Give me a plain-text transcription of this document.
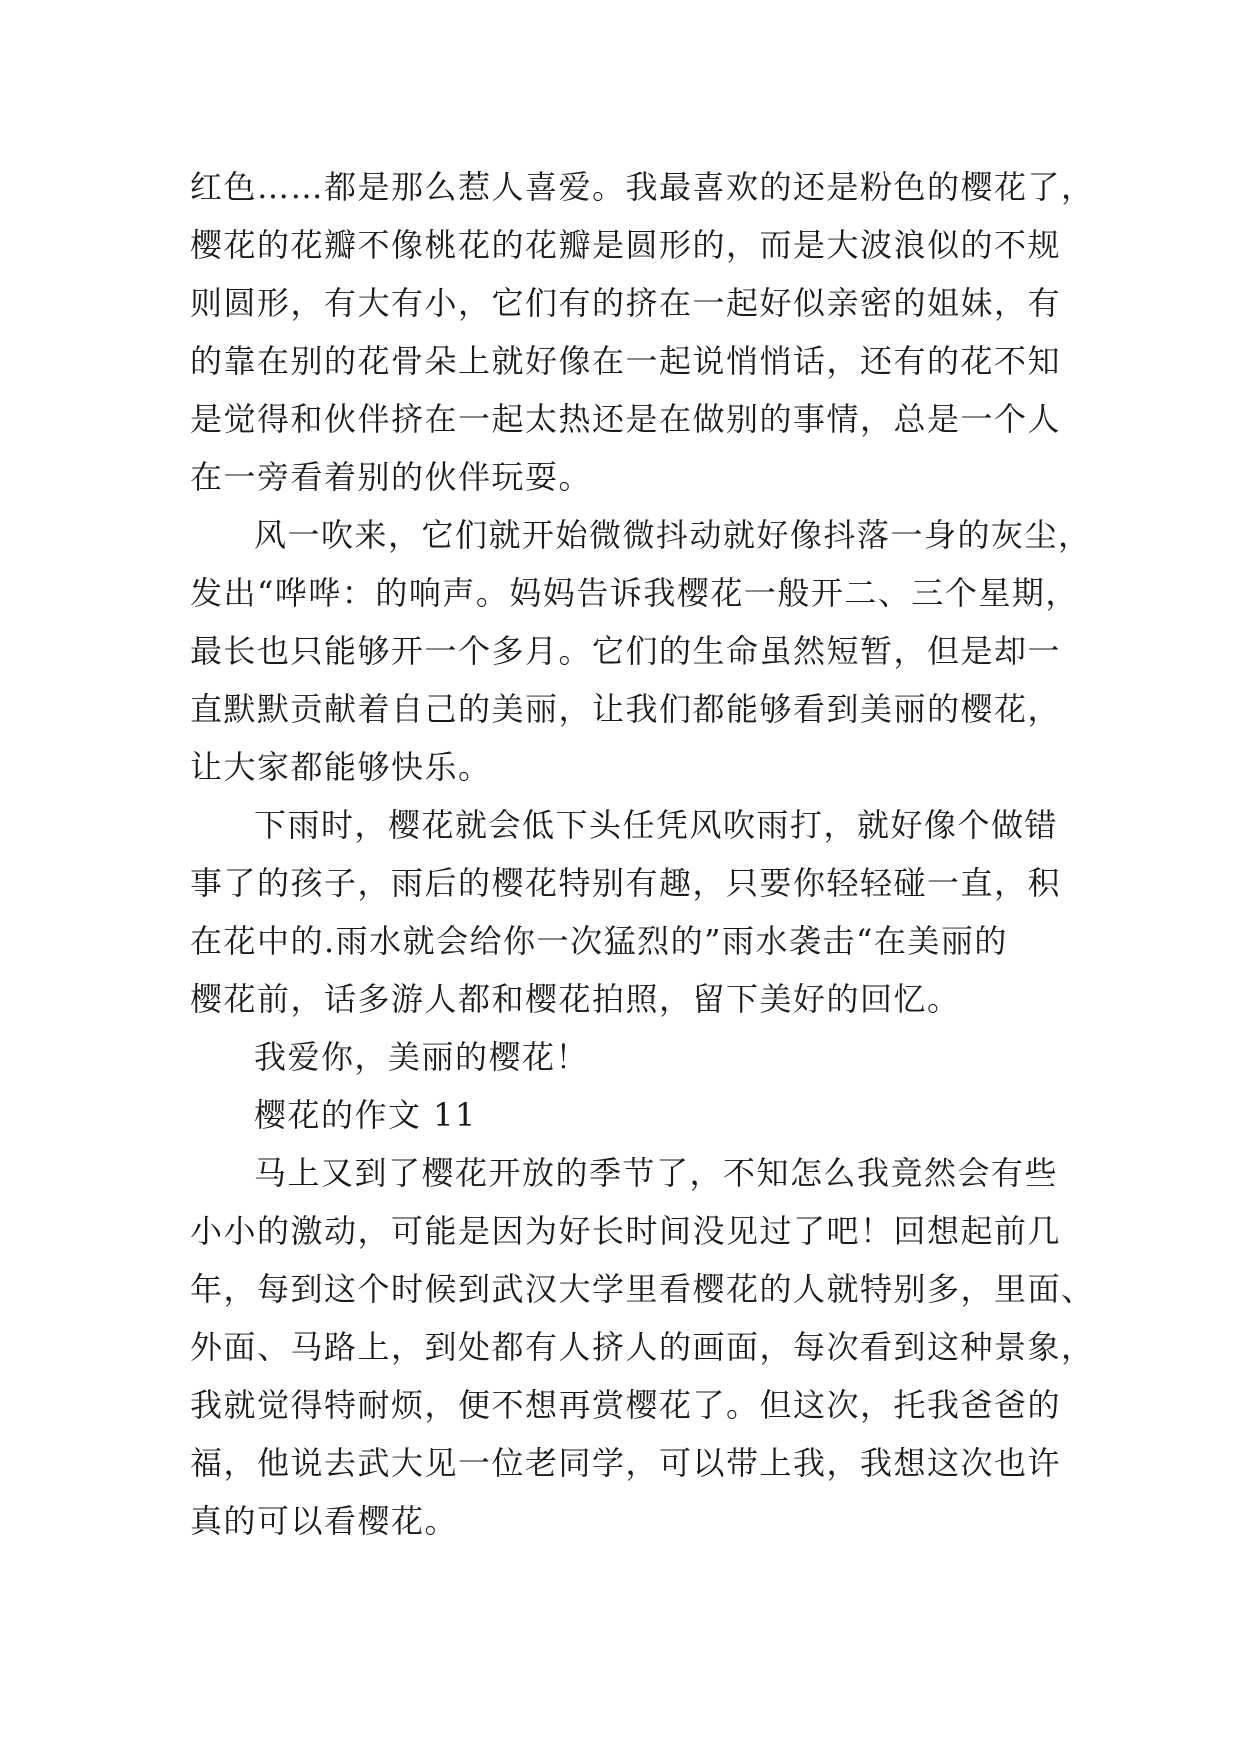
红色……都是那么惹人喜爱。我最喜欢的还是粉色的樱花了，
樱花的花瓣不像桃花的花瓣是圆形的，而是大波浪似的不规
则圆形，有大有小，它们有的挤在一起好似亲密的姐妹，有
的靠在别的花骨朵上就好像在一起说悄悄话，还有的花不知
是觉得和伙伴挤在一起太热还是在做别的事情，总是一个人
在一旁看着别的伙伴玩耍。
风一吹来，它们就开始微微抖动就好像抖落一身的灰尘，
发出“哗哗：的响声。妈妈告诉我樱花一般开二、三个星期，
最长也只能够开一个多月。它们的生命虽然短暂，但是却一
直默默贡献着自己的美丽，让我们都能够看到美丽的樱花，
让大家都能够快乐。
下雨时，樱花就会低下头任凭风吹雨打，就好像个做错
事了的孩子，雨后的樱花特别有趣，只要你轻轻碰一直，积
在花中的.雨水就会给你一次猛烈的”雨水袭击“在美丽的
樱花前，话多游人都和樱花拍照，留下美好的回忆。
我爱你，美丽的樱花！
樱花的作文 11
马上又到了樱花开放的季节了，不知怎么我竟然会有些
小小的激动，可能是因为好长时间没见过了吧！回想起前几
年，每到这个时候到武汉大学里看樱花的人就特别多，里面、
外面、马路上，到处都有人挤人的画面，每次看到这种景象，
我就觉得特耐烦，便不想再赏樱花了。但这次，托我爸爸的
福，他说去武大见一位老同学，可以带上我，我想这次也许
真的可以看樱花。
